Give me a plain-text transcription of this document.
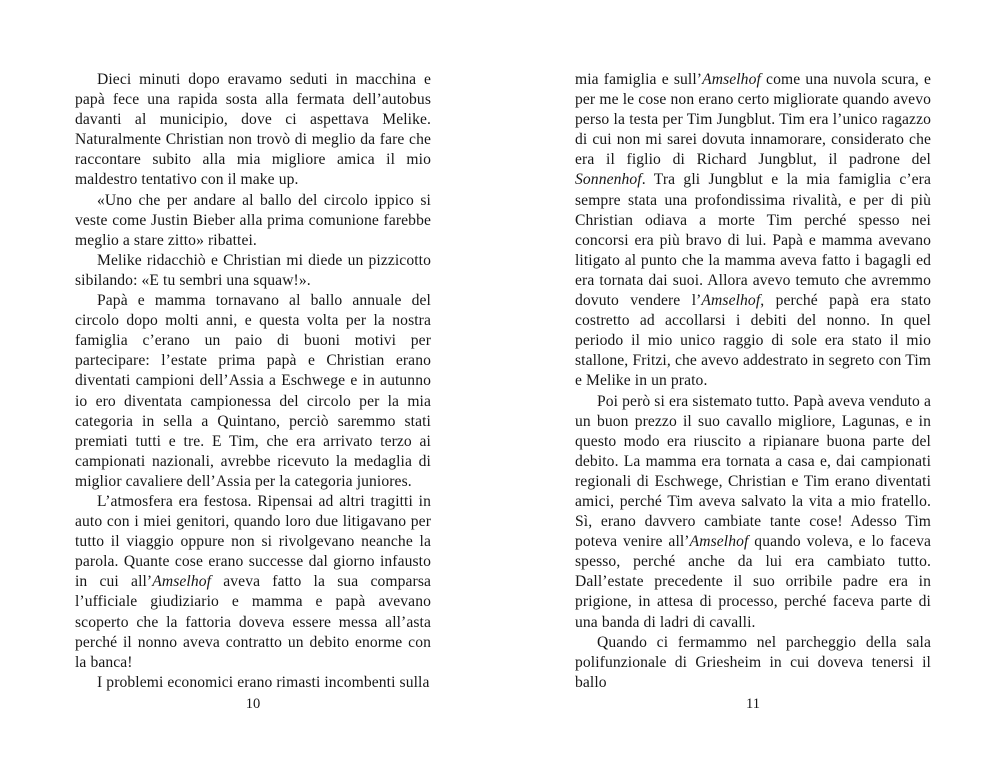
Dieci minuti dopo eravamo seduti in macchina e papà fece una rapida sosta alla fermata dell’autobus davanti al municipio, dove ci aspettava Melike. Naturalmente Christian non trovò di meglio da fare che raccontare subito alla mia migliore amica il mio maldestro tentativo con il make up.

«Uno che per andare al ballo del circolo ippico si veste come Justin Bieber alla prima comunione farebbe meglio a stare zitto» ribattei.

Melike ridacchiò e Christian mi diede un pizzicotto sibilando: «E tu sembri una squaw!».

Papà e mamma tornavano al ballo annuale del circolo dopo molti anni, e questa volta per la nostra famiglia c’erano un paio di buoni motivi per partecipare: l’estate prima papà e Christian erano diventati campioni dell’Assia a Eschwege e in autunno io ero diventata campionessa del circolo per la mia categoria in sella a Quintano, perciò saremmo stati premiati tutti e tre. E Tim, che era arrivato terzo ai campionati nazionali, avrebbe ricevuto la medaglia di miglior cavaliere dell’Assia per la categoria juniores.

L’atmosfera era festosa. Ripensai ad altri tragitti in auto con i miei genitori, quando loro due litigavano per tutto il viaggio oppure non si rivolgevano neanche la parola. Quante cose erano successe dal giorno infausto in cui all’Amselhof aveva fatto la sua comparsa l’ufficiale giudiziario e mamma e papà avevano scoperto che la fattoria doveva essere messa all’asta perché il nonno aveva contratto un debito enorme con la banca!

I problemi economici erano rimasti incombenti sulla

mia famiglia e sull’Amselhof come una nuvola scura, e per me le cose non erano certo migliorate quando avevo perso la testa per Tim Jungblut. Tim era l’unico ragazzo di cui non mi sarei dovuta innamorare, considerato che era il figlio di Richard Jungblut, il padrone del Sonnenhof. Tra gli Jungblut e la mia famiglia c’era sempre stata una profondissima rivalità, e per di più Christian odiava a morte Tim perché spesso nei concorsi era più bravo di lui. Papà e mamma avevano litigato al punto che la mamma aveva fatto i bagagli ed era tornata dai suoi. Allora avevo temuto che avremmo dovuto vendere l’Amselhof, perché papà era stato costretto ad accollarsi i debiti del nonno. In quel periodo il mio unico raggio di sole era stato il mio stallone, Fritzi, che avevo addestrato in segreto con Tim e Melike in un prato.

Poi però si era sistemato tutto. Papà aveva venduto a un buon prezzo il suo cavallo migliore, Lagunas, e in questo modo era riuscito a ripianare buona parte del debito. La mamma era tornata a casa e, dai campionati regionali di Eschwege, Christian e Tim erano diventati amici, perché Tim aveva salvato la vita a mio fratello. Sì, erano davvero cambiate tante cose! Adesso Tim poteva venire all’Amselhof quando voleva, e lo faceva spesso, perché anche da lui era cambiato tutto. Dall’estate precedente il suo orribile padre era in prigione, in attesa di processo, perché faceva parte di una banda di ladri di cavalli.

Quando ci fermammo nel parcheggio della sala polifunzionale di Griesheim in cui doveva tenersi il ballo

10	11
